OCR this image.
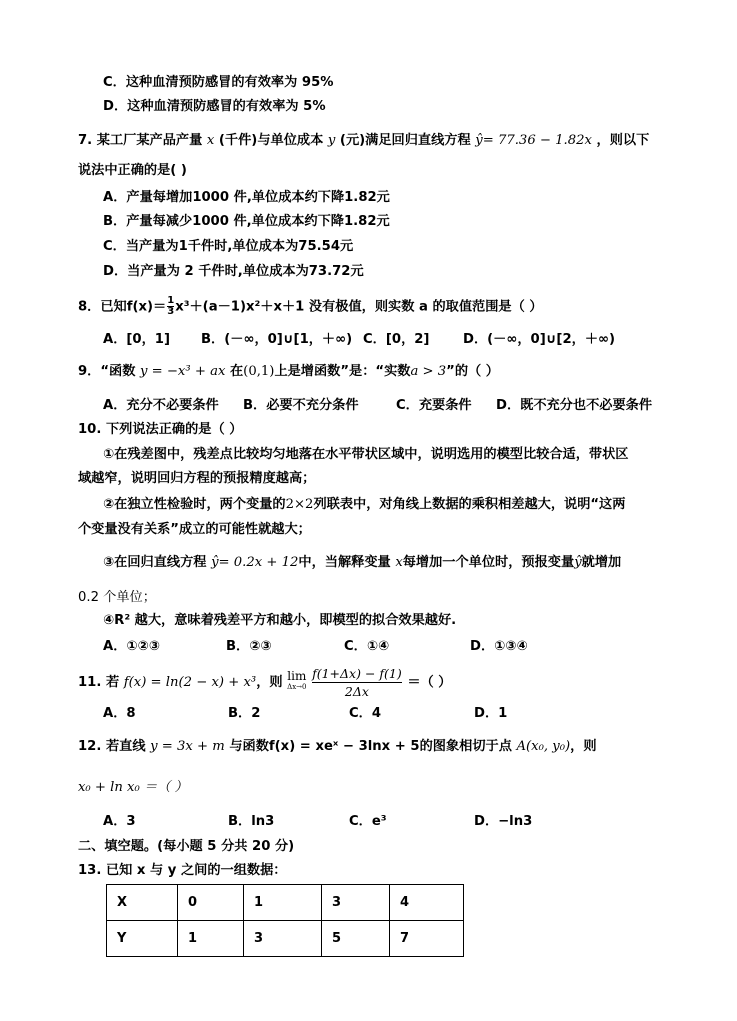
C．这种血清预防感冒的有效率为 95%
D．这种血清预防感冒的有效率为 5%
7. 某工厂某产品产量 x (千件)与单位成本 y (元)满足回归直线方程 ŷ= 77.36 − 1.82x ，则以下
说法中正确的是( )
A．产量每增加1000 件,单位成本约下降1.82元
B．产量每减少1000 件,单位成本约下降1.82元
C．当产量为1千件时,单位成本为75.54元
D．当产量为 2 千件时,单位成本为73.72元
8．已知$f(x)= \frac{1}{3} x^3+(a-1)x^2+x+1$ 没有极值，则实数 a 的取值范围是（ ）
A．[0，1]	B．(－∞，0]∪[1，＋∞) C．[0，2]	D．(－∞，0]∪[2，＋∞)
9．“函数 y = −x³ + ax 在(0,1)上是增函数”是：“实数a > 3”的（ ）
A．充分不必要条件	B．必要不充分条件	C．充要条件	D．既不充分也不必要条件
10. 下列说法正确的是（ ）
①在残差图中，残差点比较均匀地落在水平带状区域中，说明选用的模型比较合适，带状区
域越窄，说明回归方程的预报精度越高；
②在独立性检验时，两个变量的2×2列联表中，对角线上数据的乘积相差越大，说明“这两
个变量没有关系”成立的可能性就越大；
③在回归直线方程 ŷ= 0.2x + 12中，当解释变量 x每增加一个单位时，预报变量ŷ就增加
0.2 个单位；
④R² 越大，意味着残差平方和越小，即模型的拟合效果越好.
A．①②③	B．②③	C．①④	D．①③④
11. 若 f(x) = ln(2 − x) + x³，则 lim
Δx→0
$\frac{f(1+\Delta x) - f(1)}{2\Delta x}$ ＝（ ）
A．8	B．2	C．4	D．1
12. 若直线 y = 3x + m 与函数f(x) = xeˣ − 3lnx + 5的图象相切于点 A(x₀, y₀)，则
x₀ + ln x₀ ＝（ ）
A．3	B．ln3	C．e³	D．−ln3
二、填空题。(每小题 5 分共 20 分)
13. 已知 x 与 y 之间的一组数据：
X	0	1	3	4
Y	1	3	5	7
